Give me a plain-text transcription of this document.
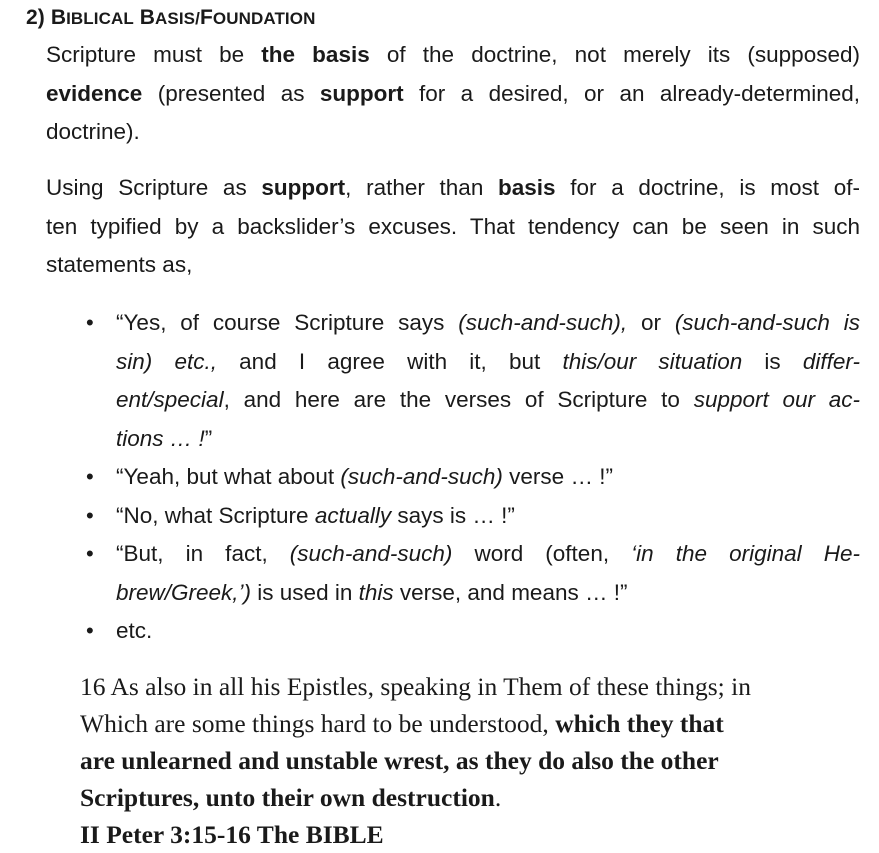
2) BIBLICAL BASIS/FOUNDATION
Scripture must be the basis of the doctrine, not merely its (supposed)
evidence (presented as support for a desired, or an already-determined,
doctrine).
Using Scripture as support, rather than basis for a doctrine, is most of-
ten typified by a backslider’s excuses. That tendency can be seen in such
statements as,
• “Yes, of course Scripture says (such-and-such), or (such-and-such is
sin) etc., and I agree with it, but this/our situation is differ-
ent/special, and here are the verses of Scripture to support our ac-
tions … !”
• “Yeah, but what about (such-and-such) verse … !”
• “No, what Scripture actually says is … !”
• “But, in fact, (such-and-such) word (often, ‘in the original He-
brew/Greek,’) is used in this verse, and means … !”
• etc.
16 As also in all his Epistles, speaking in Them of these things; in
Which are some things hard to be understood, which they that
are unlearned and unstable wrest, as they do also the other
Scriptures, unto their own destruction.
II Peter 3:15-16 The BIBLE
